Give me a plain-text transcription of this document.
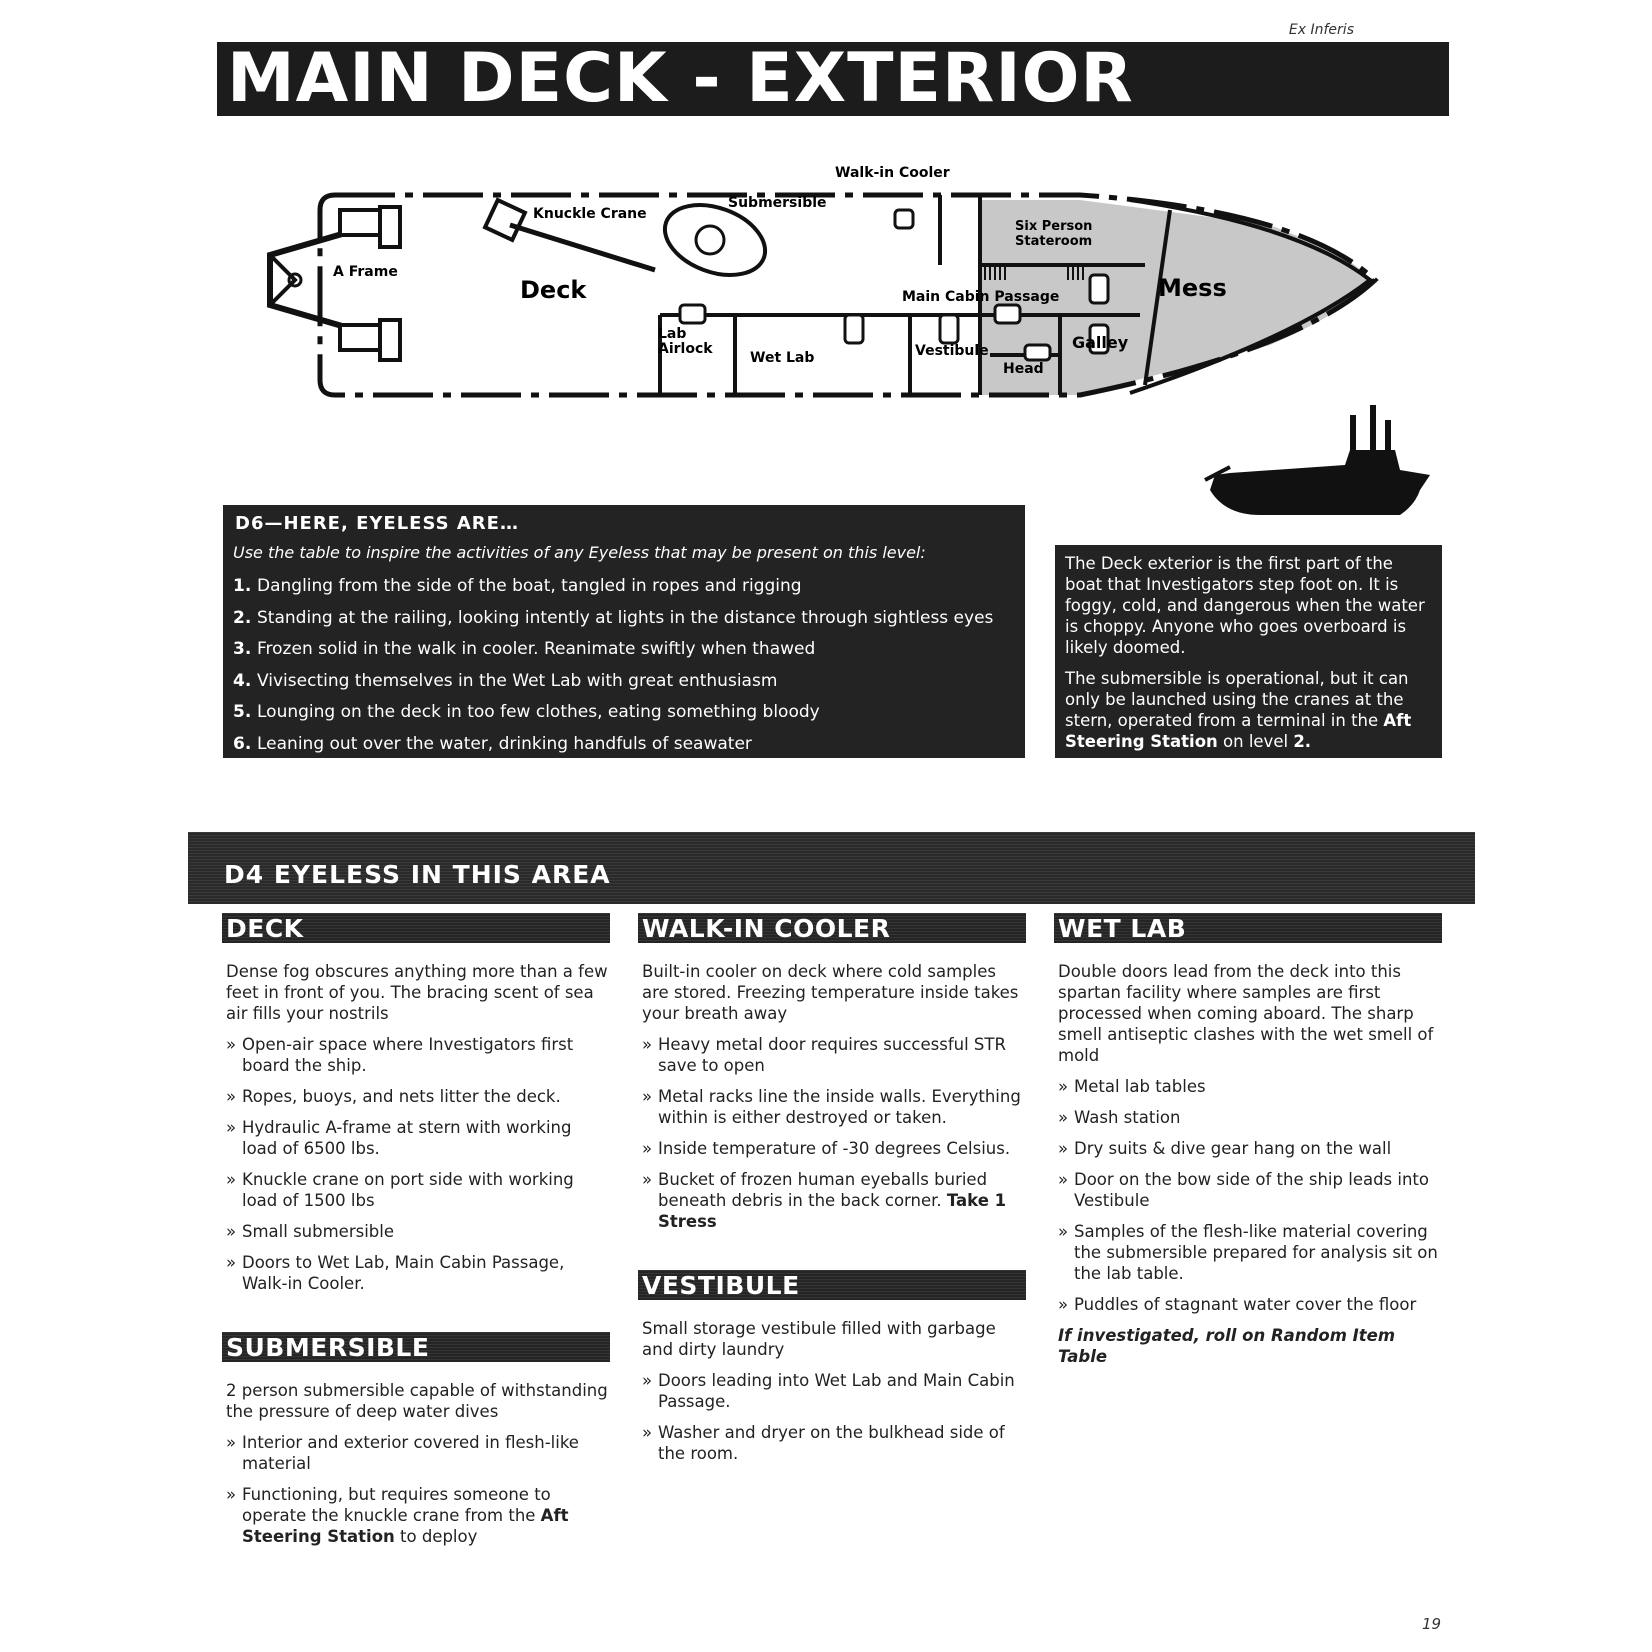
Ex Inferis
MAIN DECK - EXTERIOR
Walk-in Cooler
Submersible
Knuckle Crane
A Frame
Deck
Six Person
Stateroom
Main Cabin Passage	Mess
Lab
Airlock
Wet Lab	Vestibule
Head
Galley
D6—HERE, EYELESS ARE…
Use the table to inspire the activities of any Eyeless that may be present on this level:
1. Dangling from the side of the boat, tangled in ropes and rigging
2. Standing at the railing, looking intently at lights in the distance through sightless eyes
3. Frozen solid in the walk in cooler. Reanimate swiftly when thawed
4. Vivisecting themselves in the Wet Lab with great enthusiasm
5. Lounging on the deck in too few clothes, eating something bloody
6. Leaning out over the water, drinking handfuls of seawater

The Deck exterior is the first part of the boat that Investigators step foot on. It is foggy, cold, and dangerous when the water is choppy. Anyone who goes overboard is likely doomed.

The submersible is operational, but it can only be launched using the cranes at the stern, operated from a terminal in the Aft Steering Station on level 2.

D4 EYELESS IN THIS AREA
DECK

Dense fog obscures anything more than a few feet in front of you. The bracing scent of sea air fills your nostrils

» Open-air space where Investigators first board the ship.
» Ropes, buoys, and nets litter the deck.
» Hydraulic A-frame at stern with working load of 6500 lbs.
» Knuckle crane on port side with working load of 1500 lbs
» Small submersible
» Doors to Wet Lab, Main Cabin Passage, Walk-in Cooler.
SUBMERSIBLE

2 person submersible capable of withstanding the pressure of deep water dives

» Interior and exterior covered in flesh-like material
» Functioning, but requires someone to operate the knuckle crane from the Aft Steering Station to deploy
WALK-IN COOLER

Built-in cooler on deck where cold samples are stored. Freezing temperature inside takes your breath away

» Heavy metal door requires successful STR save to open
» Metal racks line the inside walls. Everything within is either destroyed or taken.
» Inside temperature of -30 degrees Celsius.
» Bucket of frozen human eyeballs buried beneath debris in the back corner. Take 1 Stress
VESTIBULE

Small storage vestibule filled with garbage and dirty laundry

» Doors leading into Wet Lab and Main Cabin Passage.
» Washer and dryer on the bulkhead side of the room.
WET LAB

Double doors lead from the deck into this spartan facility where samples are first processed when coming aboard. The sharp smell antiseptic clashes with the wet smell of mold

» Metal lab tables
» Wash station
» Dry suits & dive gear hang on the wall
» Door on the bow side of the ship leads into Vestibule
» Samples of the flesh-like material covering the submersible prepared for analysis sit on the lab table.
» Puddles of stagnant water cover the floor
If investigated, roll on Random Item Table
19
